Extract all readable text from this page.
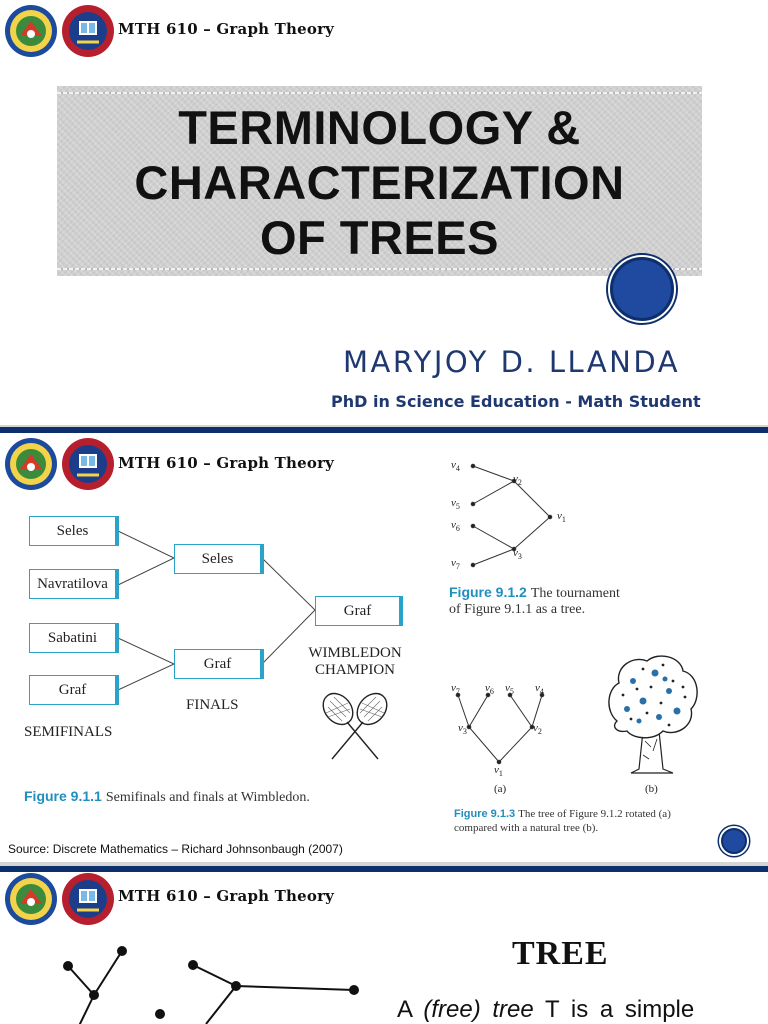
MTH 610 – Graph Theory
TERMINOLOGY &
CHARACTERIZATION
OF TREES
MARYJOY D. LLANDA
PhD in Science Education - Math Student
MTH 610 – Graph Theory
Seles
Navratilova
Sabatini
Graf
Seles
Graf
Graf
WIMBLEDON
CHAMPION
FINALS
SEMIFINALS
Figure 9.1.1 Semifinals and finals at Wimbledon.
$v_4$
$v_2$
$v_5$
$v_1$
$v_6$
$v_3$
$v_7$
Figure 9.1.2 The tournament
of Figure 9.1.1 as a tree.
$v_7$ $v_6$ $v_5$ $v_4$
$v_3$	$v_2$
$v_1$
(a)	(b)
Figure 9.1.3 The tree of Figure 9.1.2 rotated (a)
compared with a natural tree (b).
Source: Discrete Mathematics – Richard Johnsonbaugh (2007)
MTH 610 – Graph Theory
TREE
A (free) tree T is a simple
